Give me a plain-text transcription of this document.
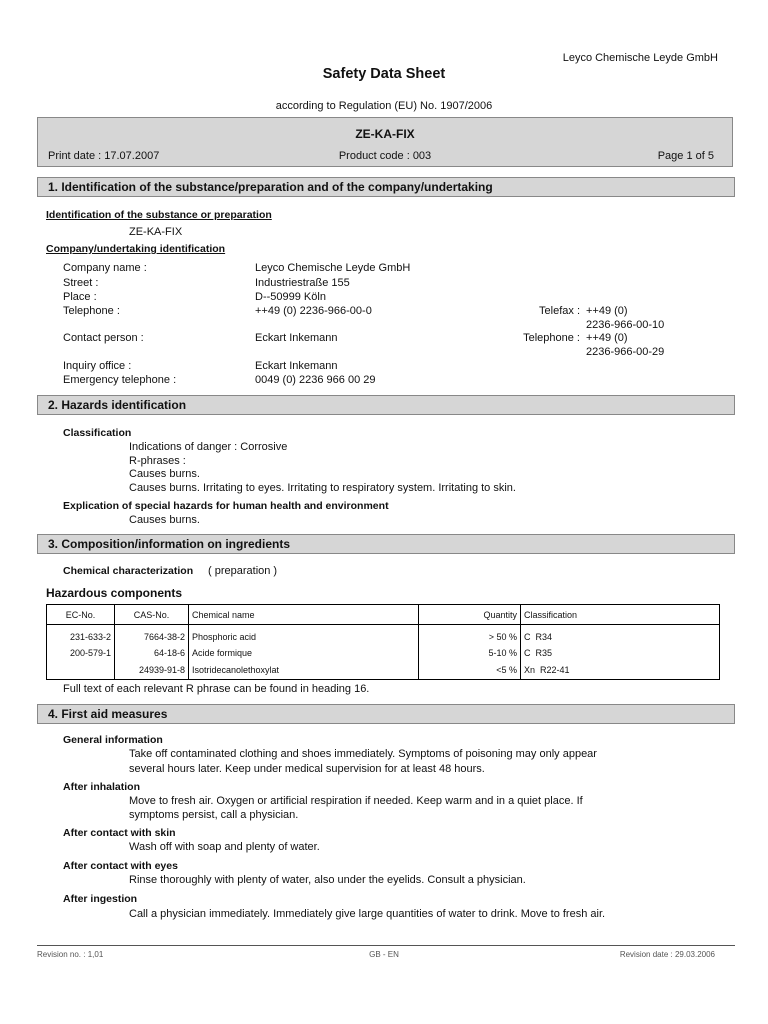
Leyco Chemische Leyde GmbH
Safety Data Sheet
according to Regulation (EU) No. 1907/2006
ZE-KA-FIX
Print date : 17.07.2007	Product code : 003	Page 1 of 5
1. Identification of the substance/preparation and of the company/undertaking
Identification of the substance or preparation
ZE-KA-FIX
Company/undertaking identification
Company name :	Leyco Chemische Leyde GmbH
Street :	Industriestraße 155
Place :	D--50999 Köln
Telephone :	++49 (0) 2236-966-00-0	Telefax : ++49 (0)
2236-966-00-10
Contact person :	Eckart Inkemann	Telephone : ++49 (0)
2236-966-00-29
Inquiry office :	Eckart Inkemann
Emergency telephone :	0049 (0) 2236 966 00 29
2. Hazards identification
Classification
Indications of danger : Corrosive
R-phrases :
Causes burns.
Causes burns. Irritating to eyes. Irritating to respiratory system. Irritating to skin.
Explication of special hazards for human health and environment
Causes burns.
3. Composition/information on ingredients
Chemical characterization ( preparation )
Hazardous components
EC-No.	CAS-No.	Chemical name	Quantity	Classification
231-633-2	7664-38-2	Phosphoric acid	> 50 %	C R34
200-579-1	64-18-6	Acide formique	5-10 %	C R35
	24939-91-8	Isotridecanolethoxylat	<5 %	Xn R22-41
Full text of each relevant R phrase can be found in heading 16.
4. First aid measures
General information
Take off contaminated clothing and shoes immediately. Symptoms of poisoning may only appear
several hours later. Keep under medical supervision for at least 48 hours.
After inhalation
Move to fresh air. Oxygen or artificial respiration if needed. Keep warm and in a quiet place. If
symptoms persist, call a physician.
After contact with skin
Wash off with soap and plenty of water.
After contact with eyes
Rinse thoroughly with plenty of water, also under the eyelids. Consult a physician.
After ingestion
Call a physician immediately. Immediately give large quantities of water to drink. Move to fresh air.
Revision no. : 1,01	GB - EN	Revision date : 29.03.2006
